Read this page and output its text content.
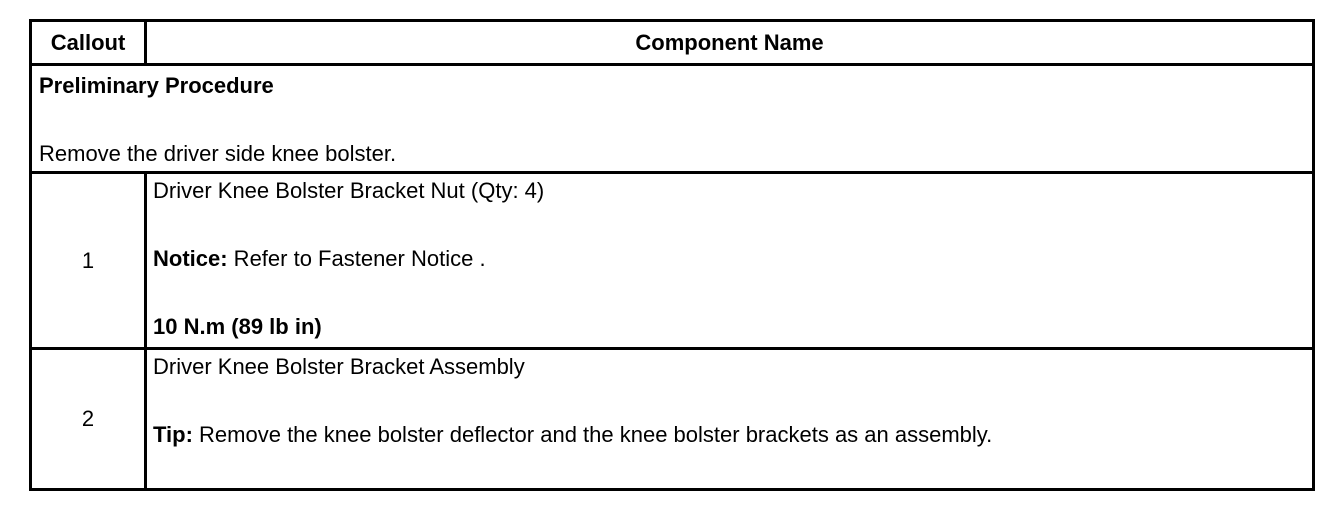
Callout	Component Name
Preliminary Procedure
Remove the driver side knee bolster.
1
Driver Knee Bolster Bracket Nut (Qty: 4)
Notice: Refer to Fastener Notice .
10 N.m (89 lb in)
2
Driver Knee Bolster Bracket Assembly
Tip: Remove the knee bolster deflector and the knee bolster brackets as an assembly.
